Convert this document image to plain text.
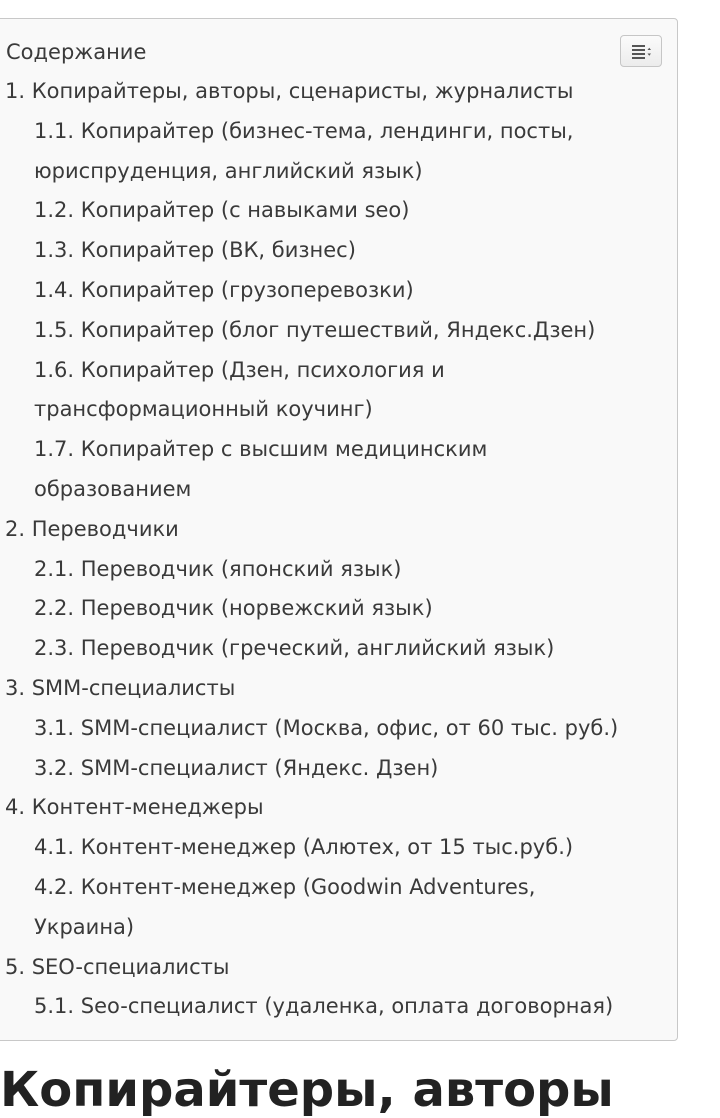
Содержание
1. Копирайтеры, авторы, сценаристы, журналисты
1.1. Копирайтер (бизнес-тема, лендинги, посты,
юриспруденция, английский язык)
1.2. Копирайтер (с навыками seo)
1.3. Копирайтер (ВК, бизнес)
1.4. Копирайтер (грузоперевозки)
1.5. Копирайтер (блог путешествий, Яндекс.Дзен)
1.6. Копирайтер (Дзен, психология и
трансформационный коучинг)
1.7. Копирайтер с высшим медицинским
образованием
2. Переводчики
2.1. Переводчик (японский язык)
2.2. Переводчик (норвежский язык)
2.3. Переводчик (греческий, английский язык)
3. SMM-специалисты
3.1. SMM-специалист (Москва, офис, от 60 тыс. руб.)
3.2. SMM-специалист (Яндекс. Дзен)
4. Контент-менеджеры
4.1. Контент-менеджер (Алютех, от 15 тыс.руб.)
4.2. Контент-менеджер (Goodwin Adventures,
Украина)
5. SEO-специалисты
5.1. Seo-специалист (удаленка, оплата договорная)
Копирайтеры, авторы
